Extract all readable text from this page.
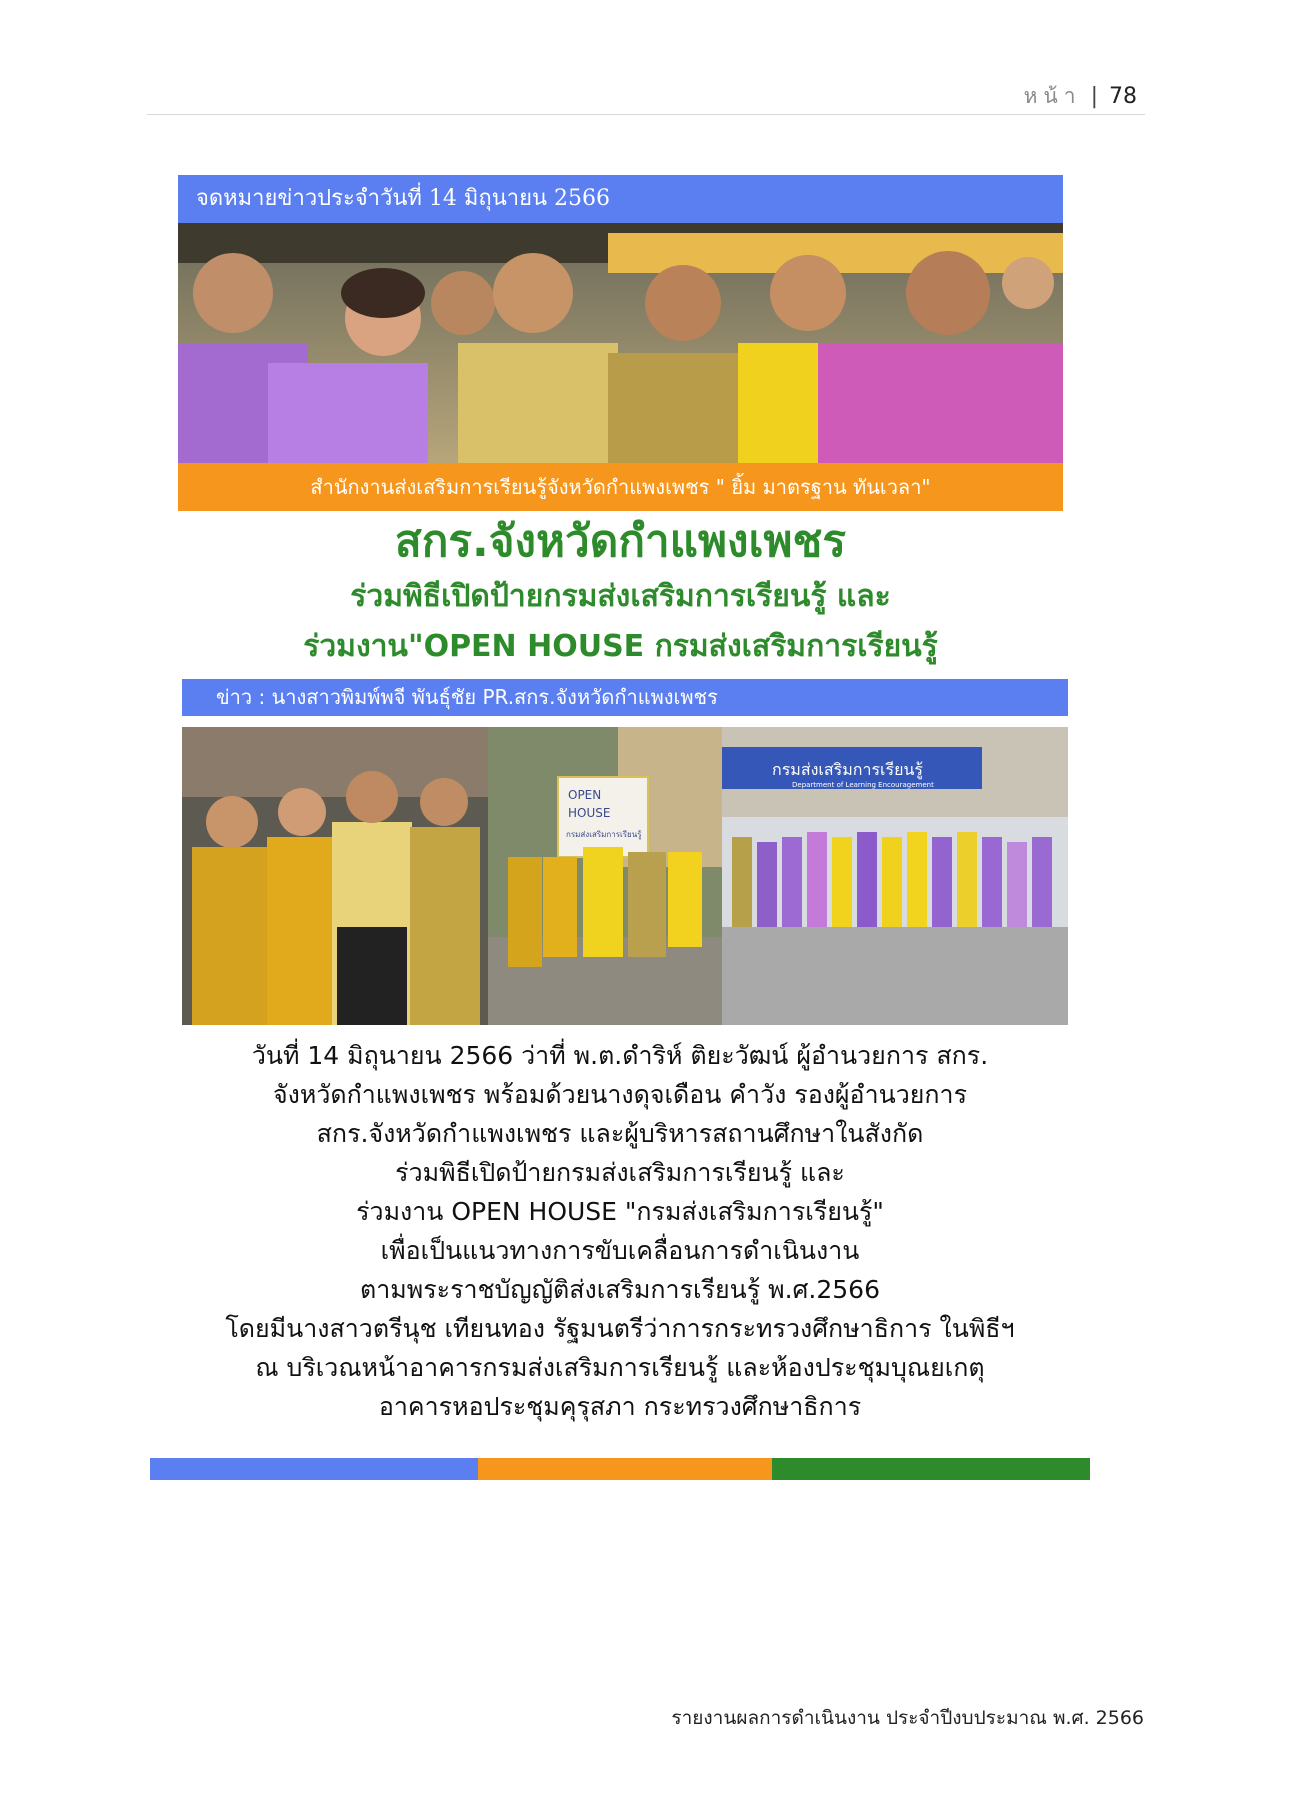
หน้า | 78
จดหมายข่าวประจำวันที่ 14 มิถุนายน 2566
สำนักงานส่งเสริมการเรียนรู้จังหวัดกำแพงเพชร " ยิ้ม มาตรฐาน ทันเวลา"
สกร.จังหวัดกำแพงเพชร
ร่วมพิธีเปิดป้ายกรมส่งเสริมการเรียนรู้ และ
ร่วมงาน"OPEN HOUSE กรมส่งเสริมการเรียนรู้
ข่าว : นางสาวพิมพ์พจี พันธุ์ชัย PR.สกร.จังหวัดกำแพงเพชร
OPEN
HOUSE
กรมส่งเสริมการเรียนรู้
กรมส่งเสริมการเรียนรู้
Department of Learning Encouragement

วันที่ 14 มิถุนายน 2566 ว่าที่ พ.ต.ดำริห์ ติยะวัฒน์ ผู้อำนวยการ สกร.

จังหวัดกำแพงเพชร พร้อมด้วยนางดุจเดือน คำวัง รองผู้อำนวยการ

สกร.จังหวัดกำแพงเพชร และผู้บริหารสถานศึกษาในสังกัด

ร่วมพิธีเปิดป้ายกรมส่งเสริมการเรียนรู้ และ

ร่วมงาน OPEN HOUSE "กรมส่งเสริมการเรียนรู้"

เพื่อเป็นแนวทางการขับเคลื่อนการดำเนินงาน

ตามพระราชบัญญัติส่งเสริมการเรียนรู้ พ.ศ.2566

โดยมีนางสาวตรีนุช เทียนทอง รัฐมนตรีว่าการกระทรวงศึกษาธิการ ในพิธีฯ

ณ บริเวณหน้าอาคารกรมส่งเสริมการเรียนรู้ และห้องประชุมบุณยเกตุ

อาคารหอประชุมคุรุสภา กระทรวงศึกษาธิการ

รายงานผลการดำเนินงาน ประจำปีงบประมาณ พ.ศ. 2566
